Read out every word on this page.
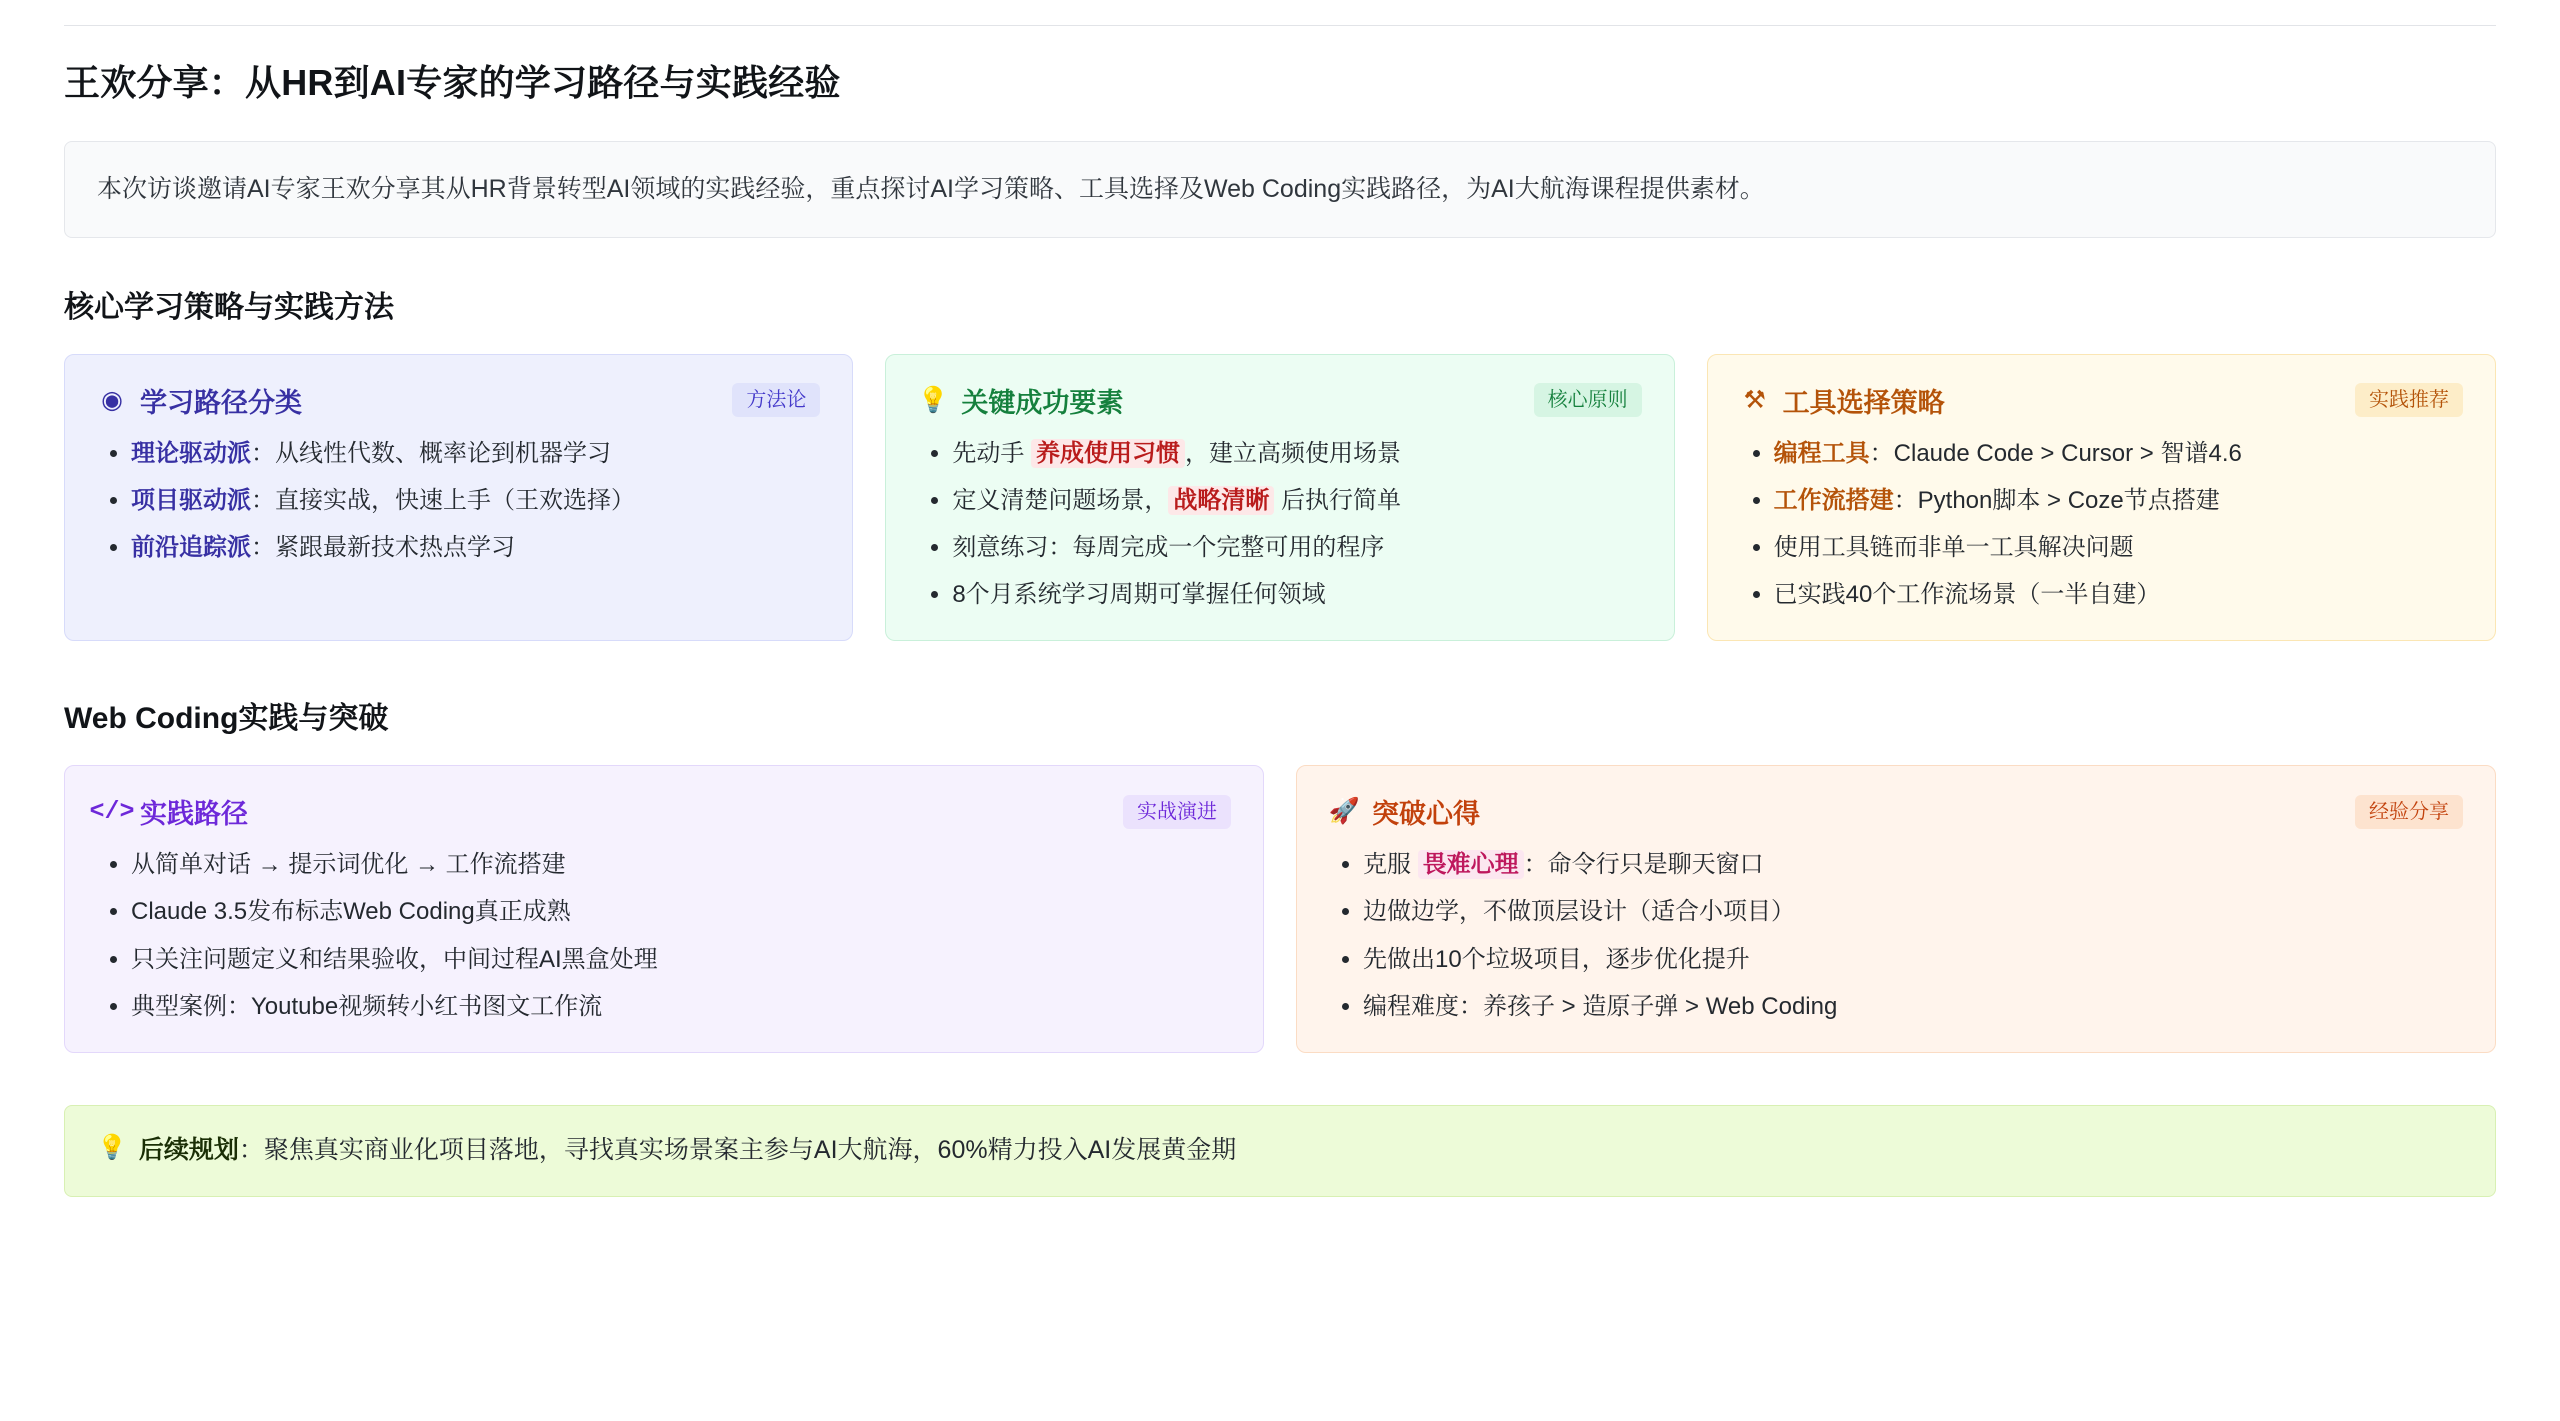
王欢分享：从HR到AI专家的学习路径与实践经验
本次访谈邀请AI专家王欢分享其从HR背景转型AI领域的实践经验，重点探讨AI学习策略、工具选择及Web Coding实践路径，为AI大航海课程提供素材。
核心学习策略与实践方法
◉ 学习路径分类	方法论
• 理论驱动派：从线性代数、概率论到机器学习
• 项目驱动派：直接实战，快速上手（王欢选择）
• 前沿追踪派：紧跟最新技术热点学习
💡 关键成功要素	核心原则
• 先动手 养成使用习惯 ，建立高频使用场景
• 定义清楚问题场景， 战略清晰 后执行简单
• 刻意练习：每周完成一个完整可用的程序
• 8个月系统学习周期可掌握任何领域
⚒ 工具选择策略	实践推荐
• 编程工具：Claude Code > Cursor > 智谱4.6
• 工作流搭建：Python脚本 > Coze节点搭建
• 使用工具链而非单一工具解决问题
• 已实践40个工作流场景（一半自建）
Web Coding实践与突破
</> 实践路径	实战演进
• 从简单对话 → 提示词优化 → 工作流搭建
• Claude 3.5发布标志Web Coding真正成熟
• 只关注问题定义和结果验收，中间过程AI黑盒处理
• 典型案例：Youtube视频转小红书图文工作流
🚀 突破心得	经验分享
• 克服 畏难心理 ：命令行只是聊天窗口
• 边做边学，不做顶层设计（适合小项目）
• 先做出10个垃圾项目，逐步优化提升
• 编程难度：养孩子 > 造原子弹 > Web Coding
💡 后续规划：聚焦真实商业化项目落地，寻找真实场景案主参与AI大航海，60%精力投入AI发展黄金期
